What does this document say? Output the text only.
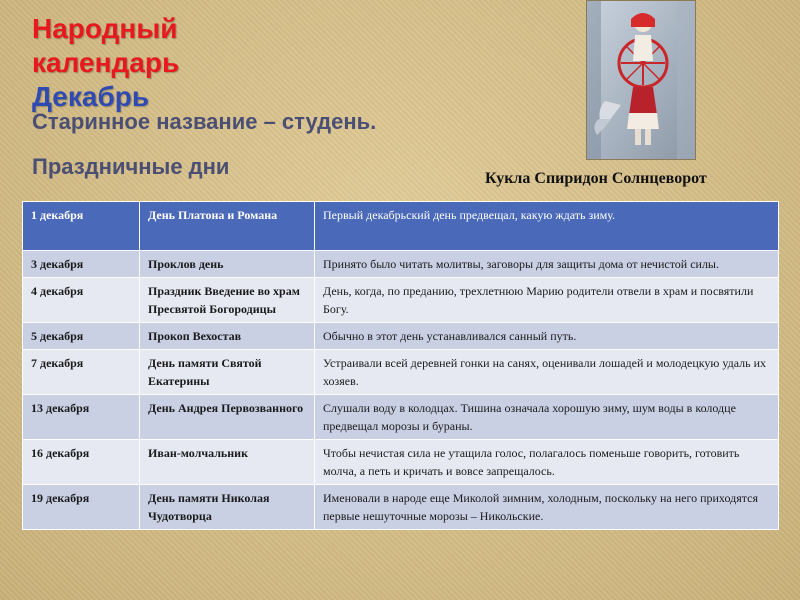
Народный
календарь
Декабрь
Старинное название – студень.
Праздничные дни	Кукла Спиридон Солнцеворот
1 декабря	День Платона и Романа	Первый декабрьский день предвещал, какую ждать зиму.
3 декабря	Проклов день	Принято было читать молитвы, заговоры для защиты дома от нечистой силы.
4 декабря	Праздник Введение во храм Пресвятой Богородицы	День, когда, по преданию, трехлетнюю Марию родители отвели в храм и посвятили Богу.
5 декабря	Прокоп Вехостав	Обычно в этот день устанавливался санный путь.
7 декабря	День памяти Святой Екатерины	Устраивали всей деревней гонки на санях, оценивали лошадей и молодецкую удаль их хозяев.
13 декабря	День Андрея Первозванного	Слушали воду в колодцах. Тишина означала хорошую зиму, шум воды в колодце предвещал морозы и бураны.
16 декабря	Иван-молчальник	Чтобы нечистая сила не утащила голос, полагалось поменьше говорить, готовить молча, а петь и кричать и вовсе запрещалось.
19 декабря	День памяти Николая Чудотворца	Именовали в народе еще Миколой зимним, холодным, поскольку на него приходятся первые нешуточные морозы – Никольские.
